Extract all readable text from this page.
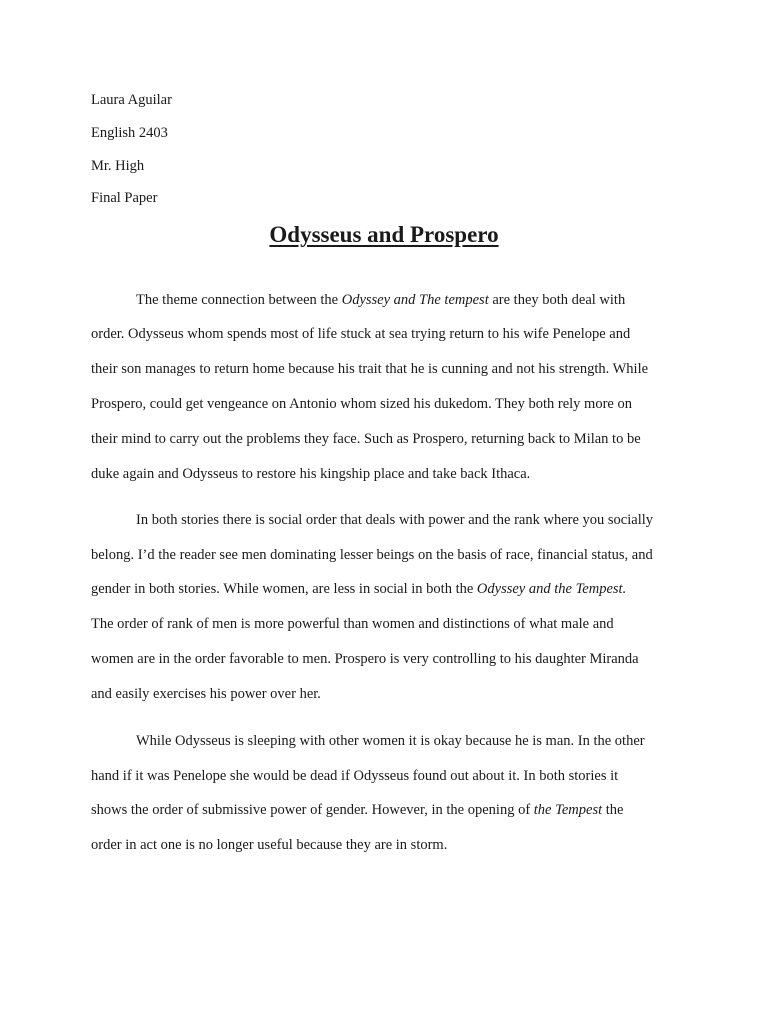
Laura Aguilar
English 2403
Mr. High
Final Paper
Odysseus and Prospero
The theme connection between the Odyssey and The tempest are they both deal with
order. Odysseus whom spends most of life stuck at sea trying return to his wife Penelope and
their son manages to return home because his trait that he is cunning and not his strength. While
Prospero, could get vengeance on Antonio whom sized his dukedom. They both rely more on
their mind to carry out the problems they face. Such as Prospero, returning back to Milan to be
duke again and Odysseus to restore his kingship place and take back Ithaca.
In both stories there is social order that deals with power and the rank where you socially
belong. I’d the reader see men dominating lesser beings on the basis of race, financial status, and
gender in both stories. While women, are less in social in both the Odyssey and the Tempest.
The order of rank of men is more powerful than women and distinctions of what male and
women are in the order favorable to men. Prospero is very controlling to his daughter Miranda
and easily exercises his power over her.
While Odysseus is sleeping with other women it is okay because he is man. In the other
hand if it was Penelope she would be dead if Odysseus found out about it. In both stories it
shows the order of submissive power of gender. However, in the opening of the Tempest the
order in act one is no longer useful because they are in storm.
